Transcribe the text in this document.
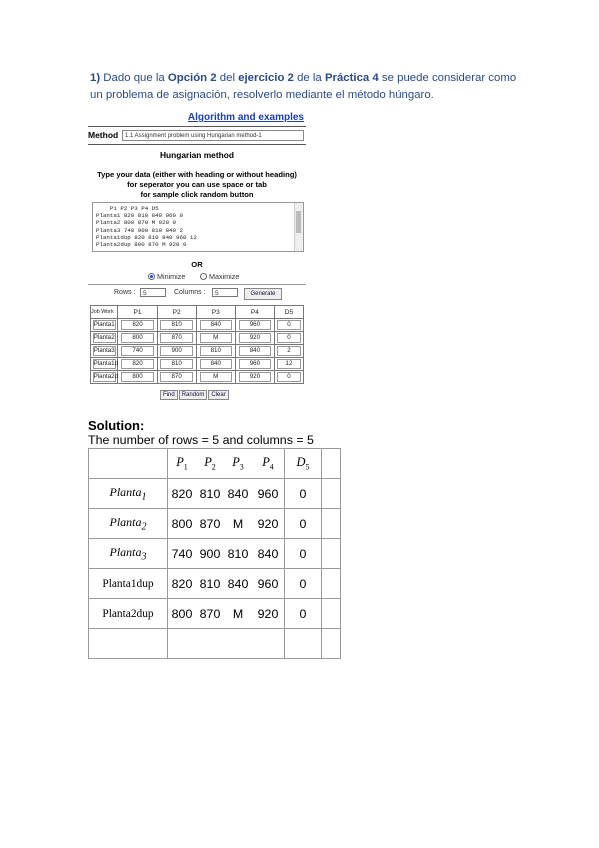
1) Dado que la Opción 2 del ejercicio 2 de la Práctica 4 se puede considerar como un problema de asignación, resolverlo mediante el método húngaro.
Algorithm and examples
Method	1.1 Assignment problem using Hungarian method-1
Hungarian method
Type your data (either with heading or without heading)
for seperator you can use space or tab
for sample click random button
P1 P2 P3 P4 D5
Planta1 820 810 840 960 0
Planta2 800 870 M 920 0
Planta3 740 900 810 840 2
Planta1dup 820 810 840 960 12
Planta2dup 800 870 M 920 0
OR
Minimize	Maximize
Rows :	5	Columns :	5	Generate
Job Work	P1	P2	P3	P4	D5
Planta1	820	810	840	960	0
Planta2	800	870	M	920	0
Planta3	740	900	810	840	2
Planta1d	820	810	840	960	12
Planta2d	800	870	M	920	0
Find Random Clear
Solution:
The number of rows = 5 and columns = 5
	$P_1$	$P_2$	$P_3$	$P_4$	$D_5$	
Planta$_1$	820	810	840	960	0	
Planta$_2$	800	870	M	920	0	
Planta$_3$	740	900	810	840	0	
Planta1dup	820	810	840	960	0	
Planta2dup	800	870	M	920	0	
